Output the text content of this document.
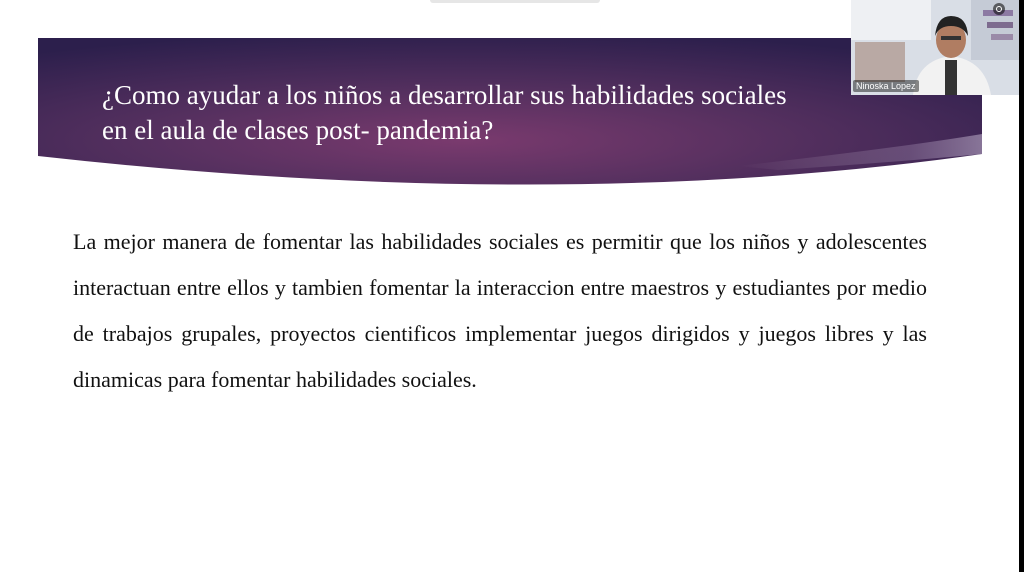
¿Como ayudar a los niños a desarrollar sus habilidades sociales en el aula de clases post- pandemia?

La mejor manera de fomentar las habilidades sociales es permitir que los niños y adolescentes interactuan entre ellos y tambien fomentar la interaccion entre maestros y estudiantes por medio de trabajos grupales, proyectos cientificos implementar juegos dirigidos y juegos libres y las dinamicas para fomentar habilidades sociales.

Ninoska Lopez
